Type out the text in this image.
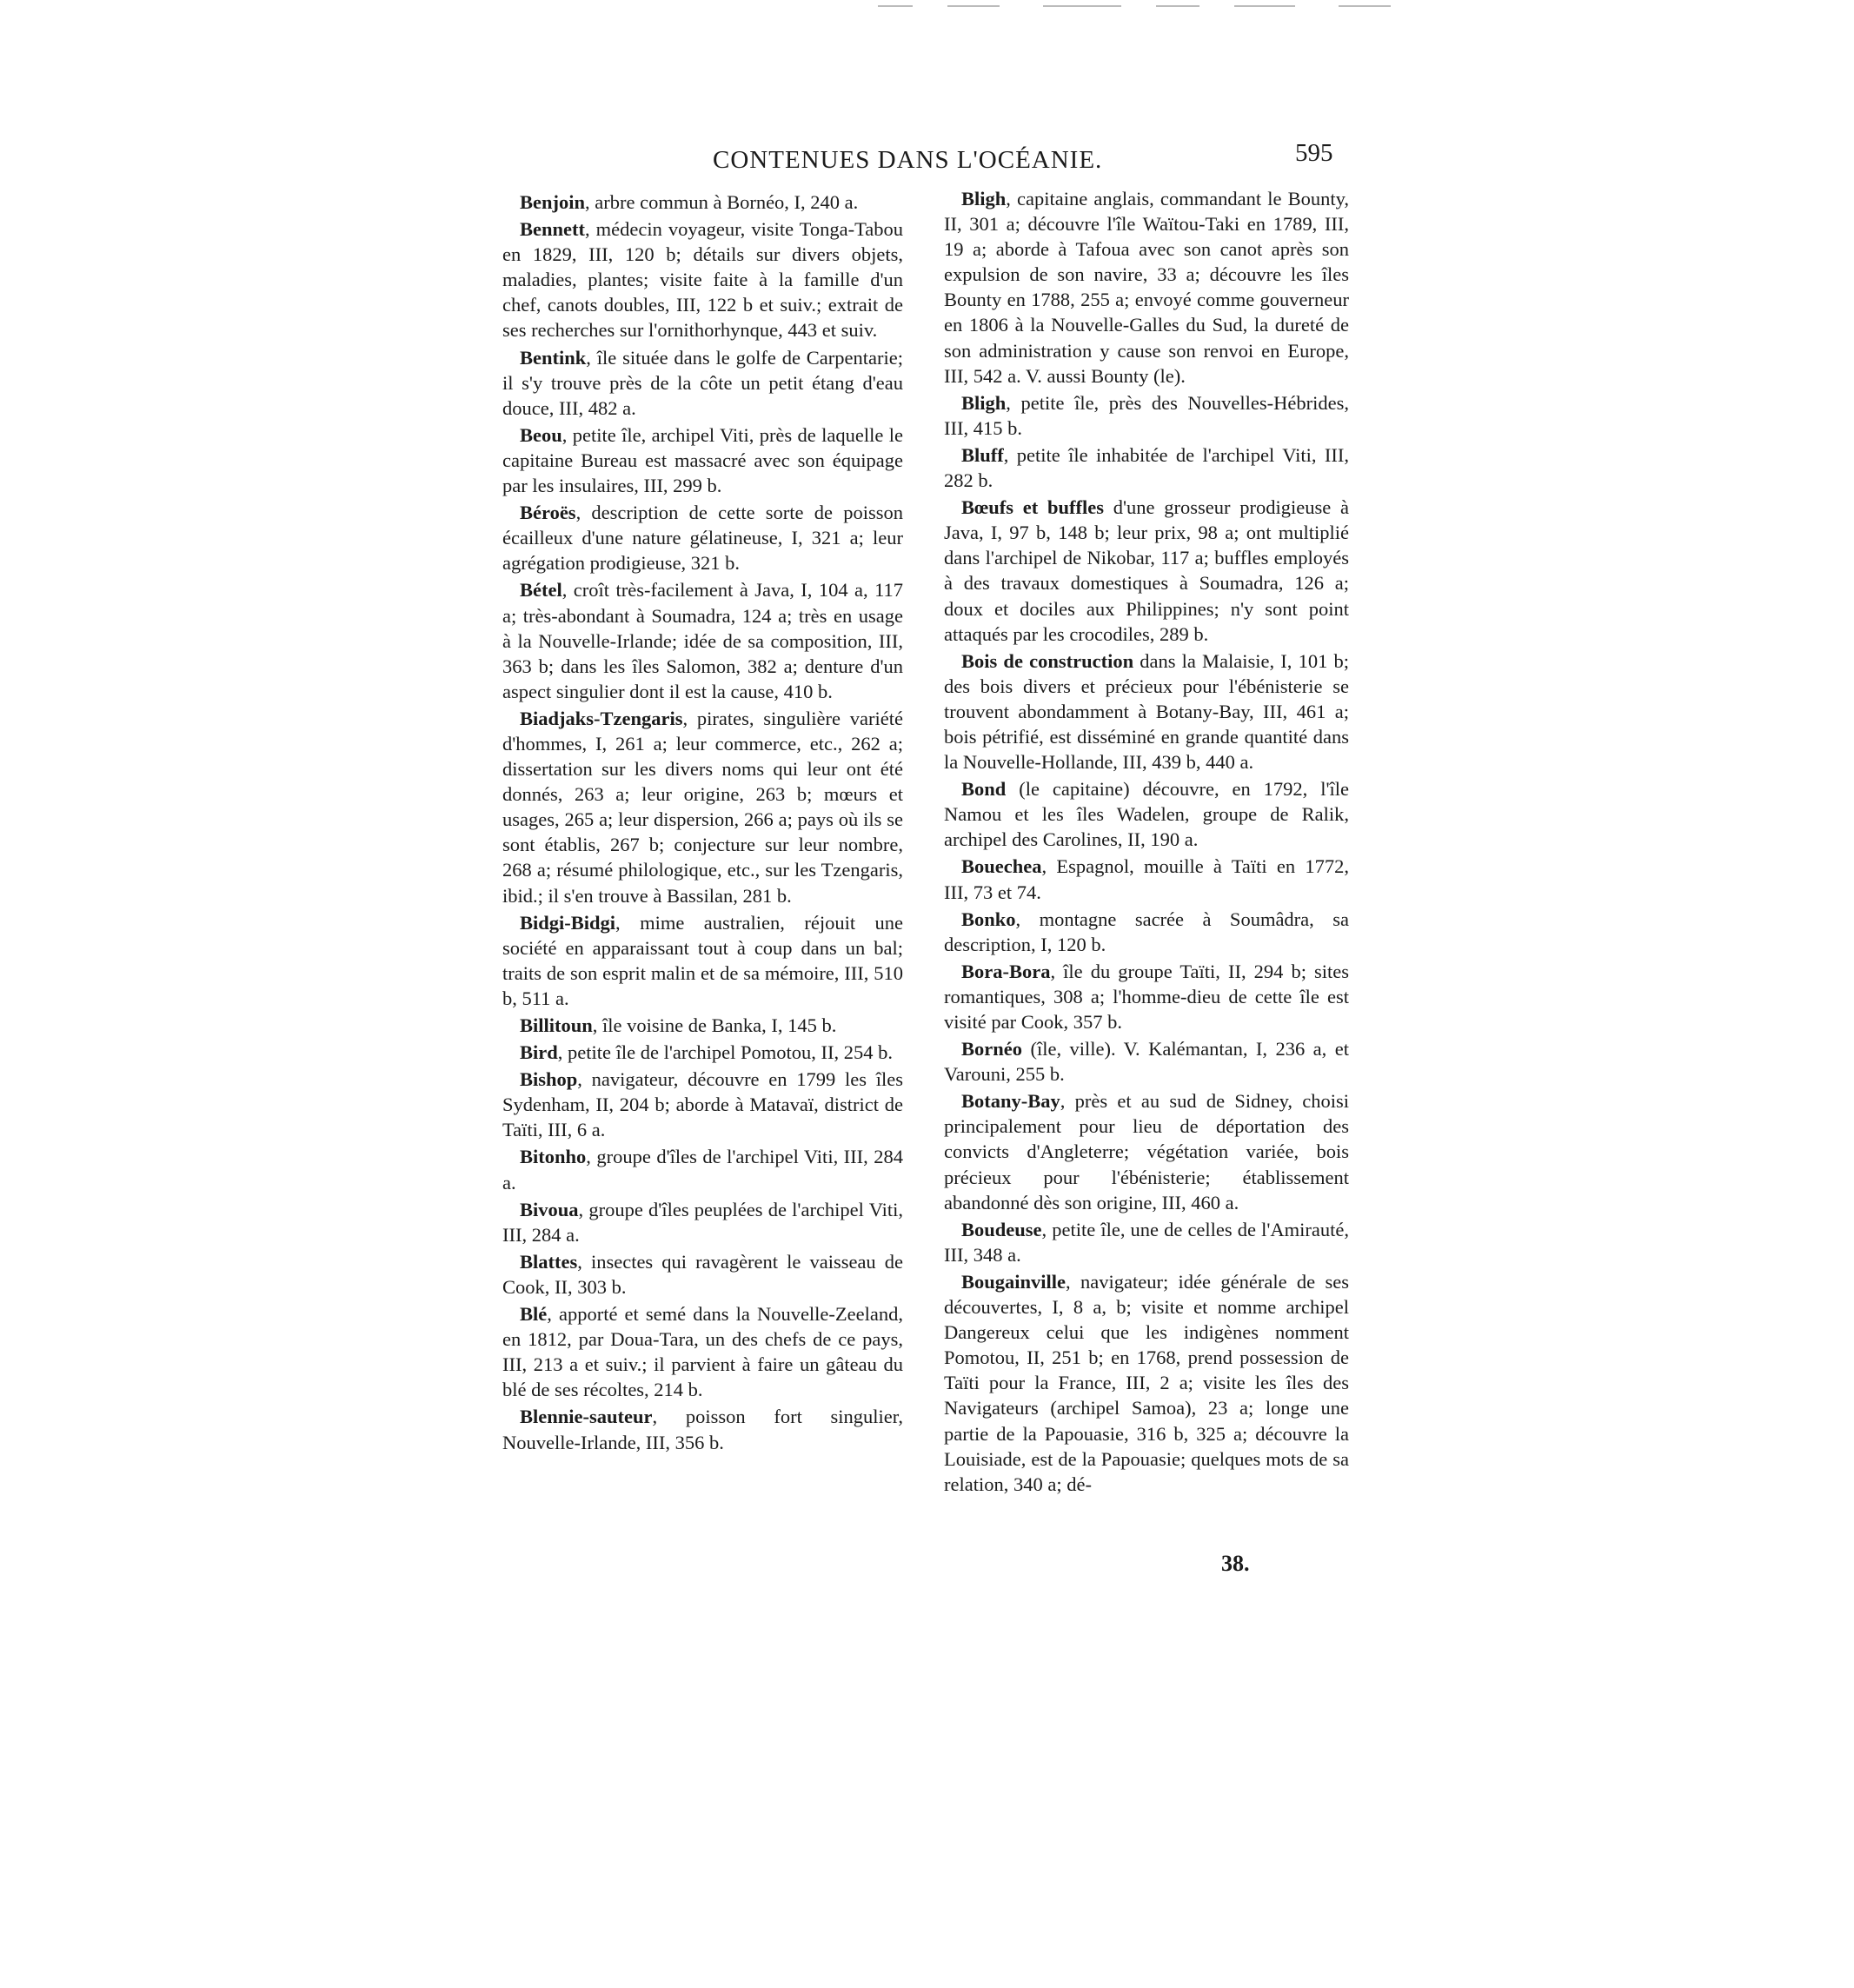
CONTENUES DANS L'OCÉANIE.	595

Benjoin, arbre commun à Bornéo, I, 240 a.

Bennett, médecin voyageur, visite Tonga-Tabou en 1829, III, 120 b; détails sur divers objets, maladies, plantes; visite faite à la famille d'un chef, canots doubles, III, 122 b et suiv.; extrait de ses recherches sur l'ornithorhynque, 443 et suiv.

Bentink, île située dans le golfe de Carpentarie; il s'y trouve près de la côte un petit étang d'eau douce, III, 482 a.

Beou, petite île, archipel Viti, près de laquelle le capitaine Bureau est massacré avec son équipage par les insulaires, III, 299 b.

Béroës, description de cette sorte de poisson écailleux d'une nature gélatineuse, I, 321 a; leur agrégation prodigieuse, 321 b.

Bétel, croît très-facilement à Java, I, 104 a, 117 a; très-abondant à Soumadra, 124 a; très en usage à la Nouvelle-Irlande; idée de sa composition, III, 363 b; dans les îles Salomon, 382 a; denture d'un aspect singulier dont il est la cause, 410 b.

Biadjaks-Tzengaris, pirates, singulière variété d'hommes, I, 261 a; leur commerce, etc., 262 a; dissertation sur les divers noms qui leur ont été donnés, 263 a; leur origine, 263 b; mœurs et usages, 265 a; leur dispersion, 266 a; pays où ils se sont établis, 267 b; conjecture sur leur nombre, 268 a; résumé philologique, etc., sur les Tzengaris, ibid.; il s'en trouve à Bassilan, 281 b.

Bidgi-Bidgi, mime australien, réjouit une société en apparaissant tout à coup dans un bal; traits de son esprit malin et de sa mémoire, III, 510 b, 511 a.

Billitoun, île voisine de Banka, I, 145 b.

Bird, petite île de l'archipel Pomotou, II, 254 b.

Bishop, navigateur, découvre en 1799 les îles Sydenham, II, 204 b; aborde à Matavaï, district de Taïti, III, 6 a.

Bitonho, groupe d'îles de l'archipel Viti, III, 284 a.

Bivoua, groupe d'îles peuplées de l'archipel Viti, III, 284 a.

Blattes, insectes qui ravagèrent le vaisseau de Cook, II, 303 b.

Blé, apporté et semé dans la Nouvelle-Zeeland, en 1812, par Doua-Tara, un des chefs de ce pays, III, 213 a et suiv.; il parvient à faire un gâteau du blé de ses récoltes, 214 b.

Blennie-sauteur, poisson fort singulier, Nouvelle-Irlande, III, 356 b.

Bligh, capitaine anglais, commandant le Bounty, II, 301 a; découvre l'île Waïtou-Taki en 1789, III, 19 a; aborde à Tafoua avec son canot après son expulsion de son navire, 33 a; découvre les îles Bounty en 1788, 255 a; envoyé comme gouverneur en 1806 à la Nouvelle-Galles du Sud, la dureté de son administration y cause son renvoi en Europe, III, 542 a. V. aussi Bounty (le).

Bligh, petite île, près des Nouvelles-Hébrides, III, 415 b.

Bluff, petite île inhabitée de l'archipel Viti, III, 282 b.

Bœufs et buffles d'une grosseur prodigieuse à Java, I, 97 b, 148 b; leur prix, 98 a; ont multiplié dans l'archipel de Nikobar, 117 a; buffles employés à des travaux domestiques à Soumadra, 126 a; doux et dociles aux Philippines; n'y sont point attaqués par les crocodiles, 289 b.

Bois de construction dans la Malaisie, I, 101 b; des bois divers et précieux pour l'ébénisterie se trouvent abondamment à Botany-Bay, III, 461 a; bois pétrifié, est disséminé en grande quantité dans la Nouvelle-Hollande, III, 439 b, 440 a.

Bond (le capitaine) découvre, en 1792, l'île Namou et les îles Wadelen, groupe de Ralik, archipel des Carolines, II, 190 a.

Bouechea, Espagnol, mouille à Taïti en 1772, III, 73 et 74.

Bonko, montagne sacrée à Soumâdra, sa description, I, 120 b.

Bora-Bora, île du groupe Taïti, II, 294 b; sites romantiques, 308 a; l'homme-dieu de cette île est visité par Cook, 357 b.

Bornéo (île, ville). V. Kalémantan, I, 236 a, et Varouni, 255 b.

Botany-Bay, près et au sud de Sidney, choisi principalement pour lieu de déportation des convicts d'Angleterre; végétation variée, bois précieux pour l'ébénisterie; établissement abandonné dès son origine, III, 460 a.

Boudeuse, petite île, une de celles de l'Amirauté, III, 348 a.

Bougainville, navigateur; idée générale de ses découvertes, I, 8 a, b; visite et nomme archipel Dangereux celui que les indigènes nomment Pomotou, II, 251 b; en 1768, prend possession de Taïti pour la France, III, 2 a; visite les îles des Navigateurs (archipel Samoa), 23 a; longe une partie de la Papouasie, 316 b, 325 a; découvre la Louisiade, est de la Papouasie; quelques mots de sa relation, 340 a; dé-

38.
